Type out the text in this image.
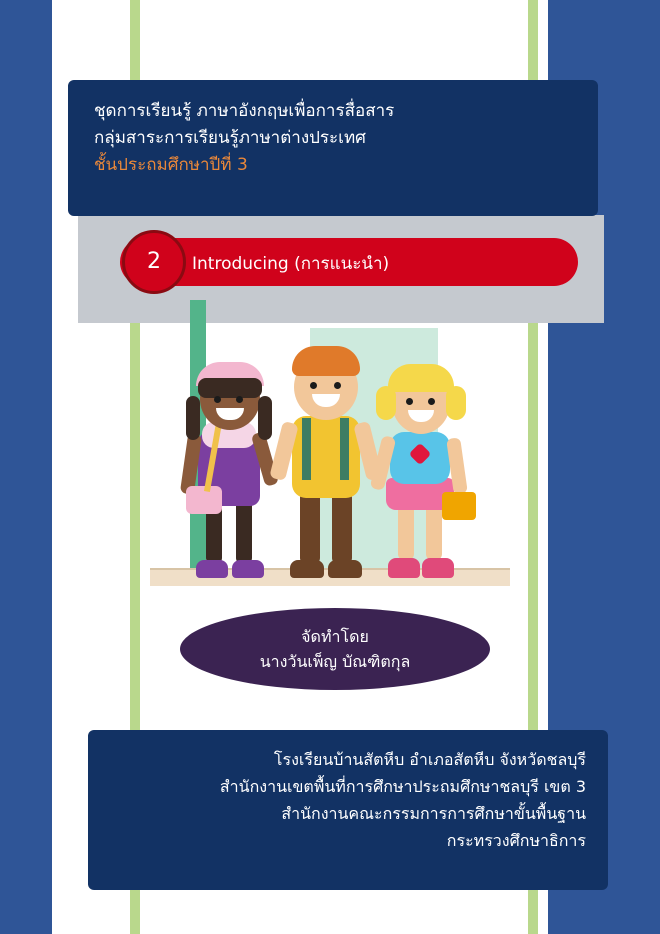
ชุดการเรียนรู้ ภาษาอังกฤษเพื่อการสื่อสาร
กลุ่มสาระการเรียนรู้ภาษาต่างประเทศ
ชั้นประถมศึกษาปีที่ 3
Introducing (การแนะนำ)
2
จัดทำโดย
นางวันเพ็ญ บัณฑิตกุล
โรงเรียนบ้านสัตหีบ อำเภอสัตหีบ จังหวัดชลบุรี
สำนักงานเขตพื้นที่การศึกษาประถมศึกษาชลบุรี เขต 3
สำนักงานคณะกรรมการการศึกษาขั้นพื้นฐาน
กระทรวงศึกษาธิการ
